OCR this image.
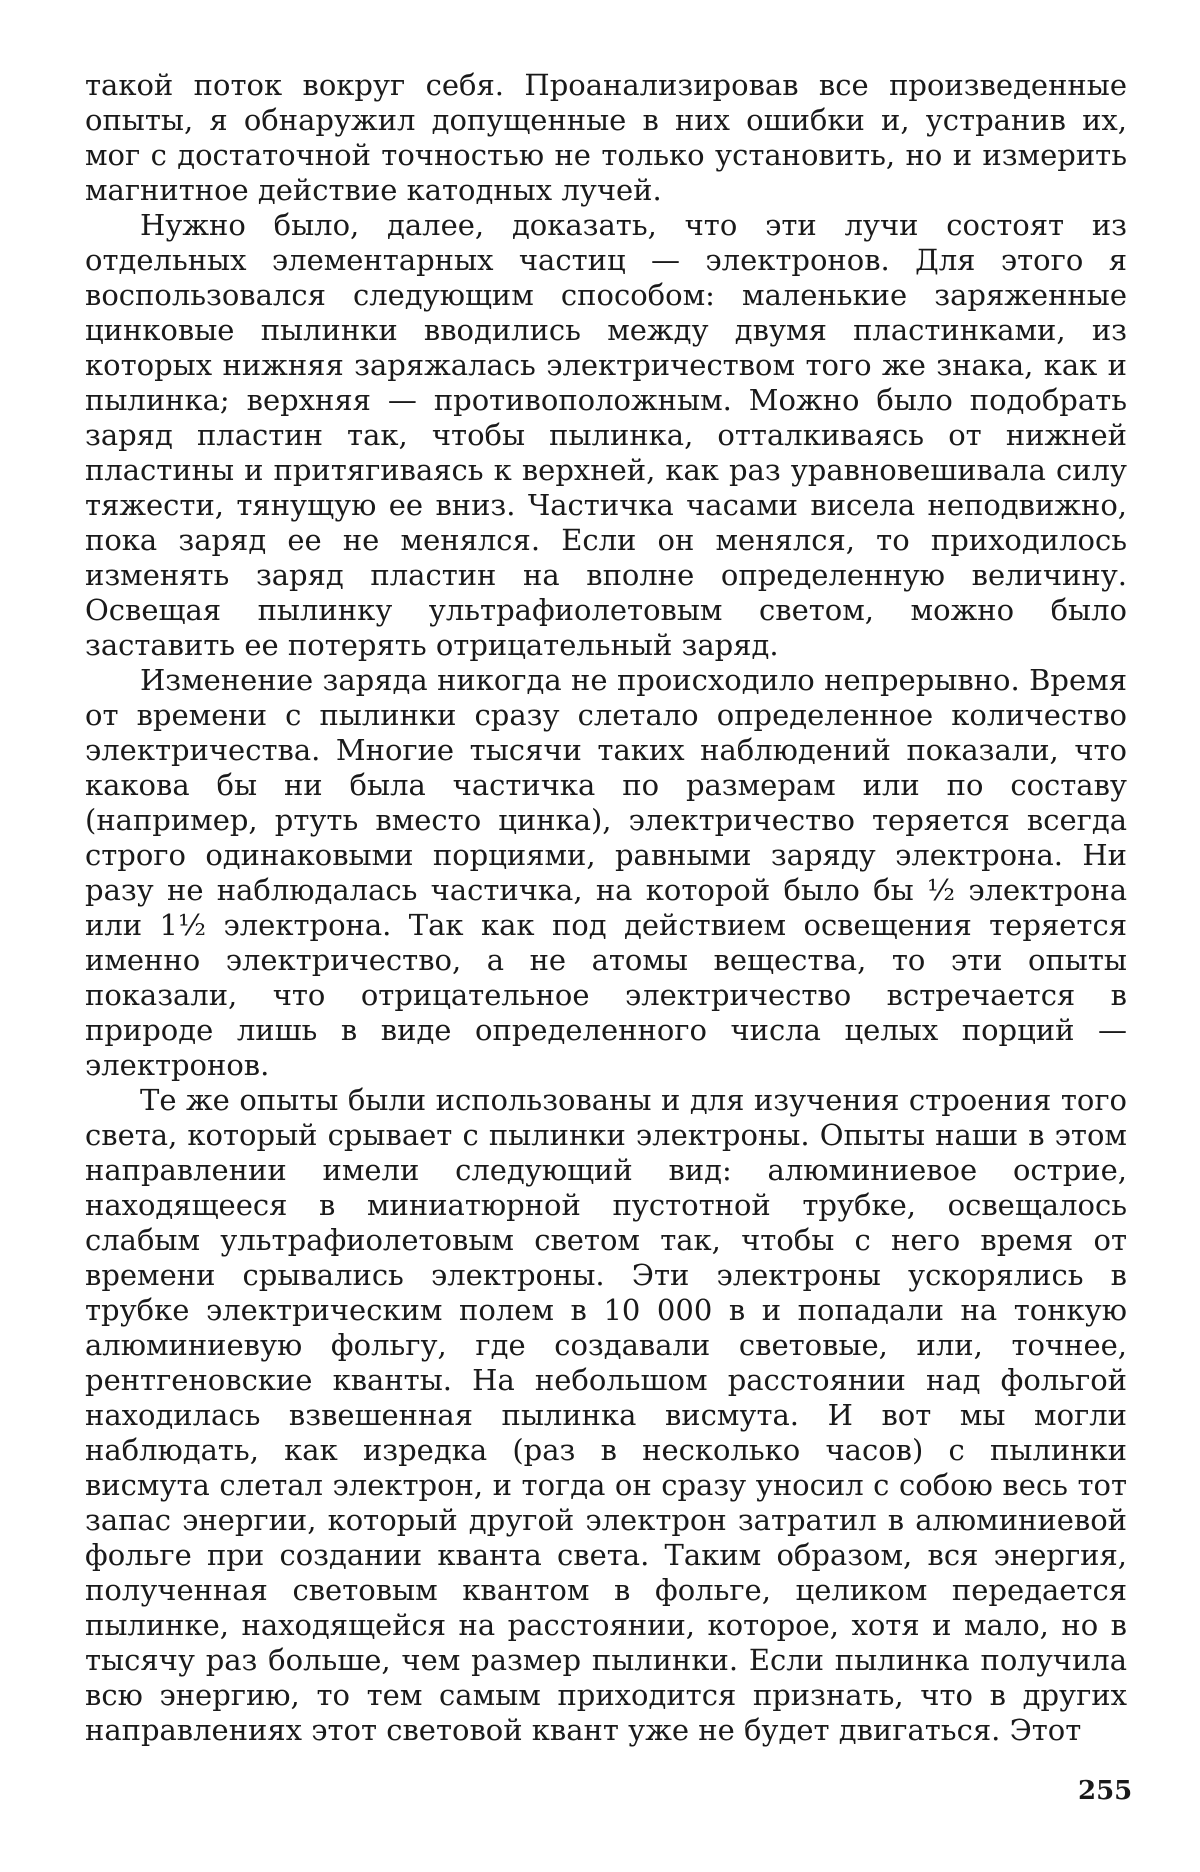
такой поток вокруг себя. Проанализировав все произведенные опыты, я обнаружил допущенные в них ошибки и, устранив их, мог с достаточной точностью не только установить, но и измерить магнитное действие катодных лучей.

Нужно было, далее, доказать, что эти лучи состоят из отдельных элементарных частиц — электронов. Для этого я воспользовался следующим способом: маленькие заряженные цинковые пылинки вводились между двумя пластинками, из которых нижняя заряжалась электричеством того же знака, как и пылинка; верхняя — противоположным. Можно было подобрать заряд пластин так, чтобы пылинка, отталкиваясь от нижней пластины и притягиваясь к верхней, как раз уравновешивала силу тяжести, тянущую ее вниз. Частичка часами висела неподвижно, пока заряд ее не менялся. Если он менялся, то приходилось изменять заряд пластин на вполне определенную величину. Освещая пылинку ультрафиолетовым светом, можно было заставить ее потерять отрицательный заряд.

Изменение заряда никогда не происходило непрерывно. Время от времени с пылинки сразу слетало определенное количество электричества. Многие тысячи таких наблюдений показали, что какова бы ни была частичка по размерам или по составу (например, ртуть вместо цинка), электричество теряется всегда строго одинаковыми порциями, равными заряду электрона. Ни разу не наблюдалась частичка, на которой было бы ½ электрона или 1½ электрона. Так как под действием освещения теряется именно электричество, а не атомы вещества, то эти опыты показали, что отрицательное электричество встречается в природе лишь в виде определенного числа целых порций — электронов.

Те же опыты были использованы и для изучения строения того света, который срывает с пылинки электроны. Опыты наши в этом направлении имели следующий вид: алюминиевое острие, находящееся в миниатюрной пустотной трубке, освещалось слабым ультрафиолетовым светом так, чтобы с него время от времени срывались электроны. Эти электроны ускорялись в трубке электрическим полем в 10 000 в и попадали на тонкую алюминиевую фольгу, где создавали световые, или, точнее, рентгеновские кванты. На небольшом расстоянии над фольгой находилась взвешенная пылинка висмута. И вот мы могли наблюдать, как изредка (раз в несколько часов) с пылинки висмута слетал электрон, и тогда он сразу уносил с собою весь тот запас энергии, который другой электрон затратил в алюминиевой фольге при создании кванта света. Таким образом, вся энергия, полученная световым квантом в фольге, целиком передается пылинке, находящейся на расстоянии, которое, хотя и мало, но в тысячу раз больше, чем размер пылинки. Если пылинка получила всю энергию, то тем самым приходится признать, что в других направлениях этот световой квант уже не будет двигаться. Этот

255
